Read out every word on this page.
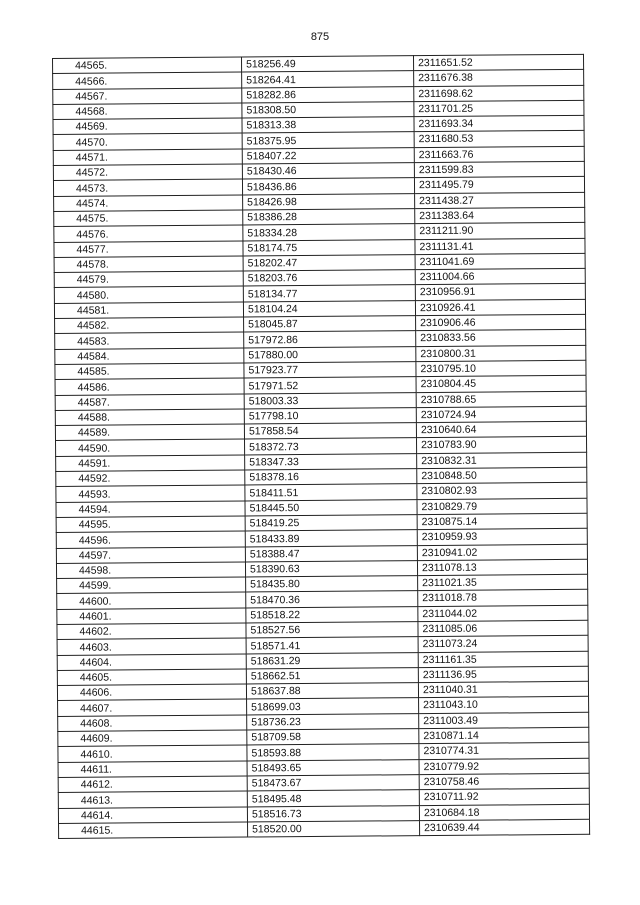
875
44565.	518256.49	2311651.52
44566.	518264.41	2311676.38
44567.	518282.86	2311698.62
44568.	518308.50	2311701.25
44569.	518313.38	2311693.34
44570.	518375.95	2311680.53
44571.	518407.22	2311663.76
44572.	518430.46	2311599.83
44573.	518436.86	2311495.79
44574.	518426.98	2311438.27
44575.	518386.28	2311383.64
44576.	518334.28	2311211.90
44577.	518174.75	2311131.41
44578.	518202.47	2311041.69
44579.	518203.76	2311004.66
44580.	518134.77	2310956.91
44581.	518104.24	2310926.41
44582.	518045.87	2310906.46
44583.	517972.86	2310833.56
44584.	517880.00	2310800.31
44585.	517923.77	2310795.10
44586.	517971.52	2310804.45
44587.	518003.33	2310788.65
44588.	517798.10	2310724.94
44589.	517858.54	2310640.64
44590.	518372.73	2310783.90
44591.	518347.33	2310832.31
44592.	518378.16	2310848.50
44593.	518411.51	2310802.93
44594.	518445.50	2310829.79
44595.	518419.25	2310875.14
44596.	518433.89	2310959.93
44597.	518388.47	2310941.02
44598.	518390.63	2311078.13
44599.	518435.80	2311021.35
44600.	518470.36	2311018.78
44601.	518518.22	2311044.02
44602.	518527.56	2311085.06
44603.	518571.41	2311073.24
44604.	518631.29	2311161.35
44605.	518662.51	2311136.95
44606.	518637.88	2311040.31
44607.	518699.03	2311043.10
44608.	518736.23	2311003.49
44609.	518709.58	2310871.14
44610.	518593.88	2310774.31
44611.	518493.65	2310779.92
44612.	518473.67	2310758.46
44613.	518495.48	2310711.92
44614.	518516.73	2310684.18
44615.	518520.00	2310639.44
